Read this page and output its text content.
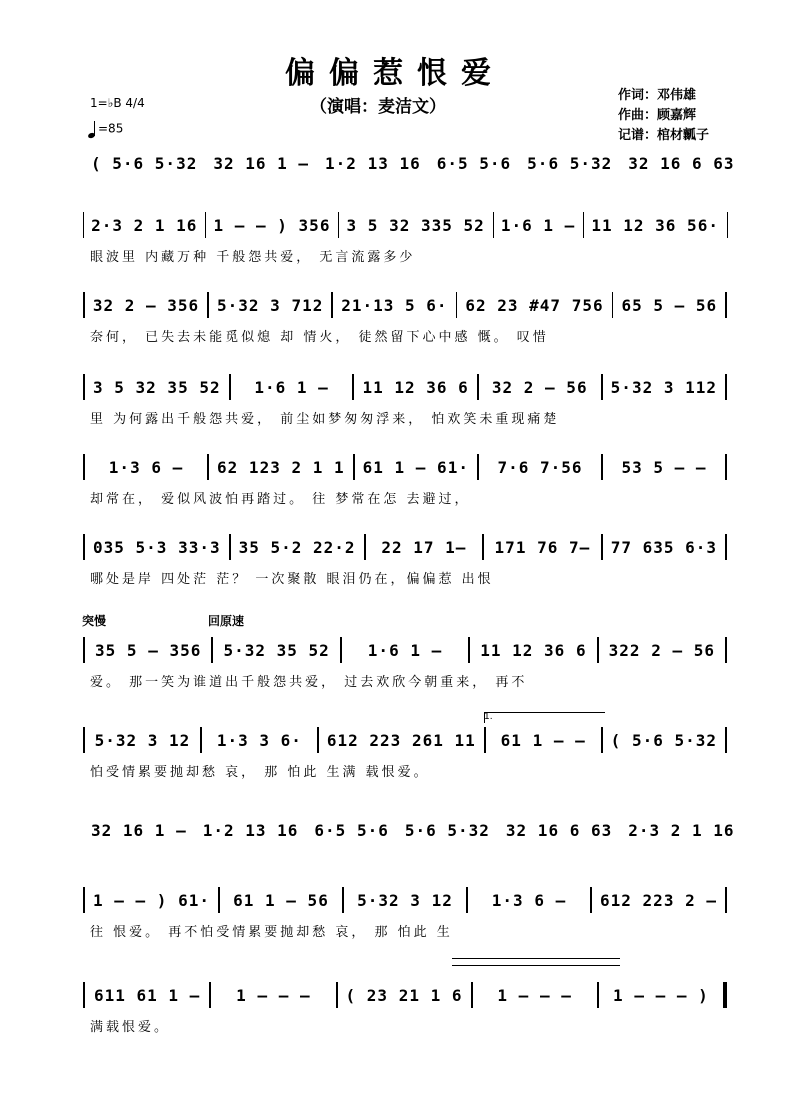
偏偏惹恨爱
（演唱：麦洁文）
作词：邓伟雄
作曲：顾嘉辉
记谱：棺材瓤子
1=♭B 4/4
=85
突慢	回原速
1.
( 5·6 5·32	32 16 1 –	1·2 13 16	6·5 5·6	5·6 5·32	32 16 6 63
2·3 2 1 16	1 – – ) 356	3 5 32 335 52	1·6 1 –	11 12 36 56·
眼波里 内藏万种 千般怨共爱， 无言流露多少
32 2 – 356	5·32 3 712	21·13 5 6·	62 23 #47 756	65 5 – 56
奈何， 已失去未能觅似熄 却 情火， 徒然留下心中感 慨。 叹惜
3 5 32 35 52	1·6 1 –	11 12 36 6	32 2 – 56	5·32 3 112
里 为何露出千般怨共爱， 前尘如梦匆匆浮来， 怕欢笑未重现痛楚
1·3 6 –	62 123 2 1 1	61 1 – 61·	7·6 7·56	53 5 – –
却常在， 爱似风波怕再踏过。 往 梦常在怎 去避过，
035 5·3 33·3	35 5·2 22·2	22 17 1–	171 76 7–	77 635 6·3
哪处是岸 四处茫 茫？ 一次聚散 眼泪仍在，偏偏惹 出恨
35 5 – 356	5·32 35 52	1·6 1 –	11 12 36 6	322 2 – 56
爱。 那一笑为谁道出千般怨共爱， 过去欢欣今朝重来， 再不
5·32 3 12	1·3 3 6·	612 223 261 11	61 1 – –	( 5·6 5·32
怕受情累要抛却愁 哀， 那 怕此 生满 载恨爱。
32 16 1 –	1·2 13 16	6·5 5·6	5·6 5·32	32 16 6 63	2·3 2 1 16
1 – – ) 61·	61 1 – 56	5·32 3 12	1·3 6 –	612 223 2 –
往 恨爱。 再不怕受情累要抛却愁 哀， 那 怕此 生
611 61 1 –	1 – – –	( 23 21 1 6	1 – – –	1 – – – )
满载恨爱。
